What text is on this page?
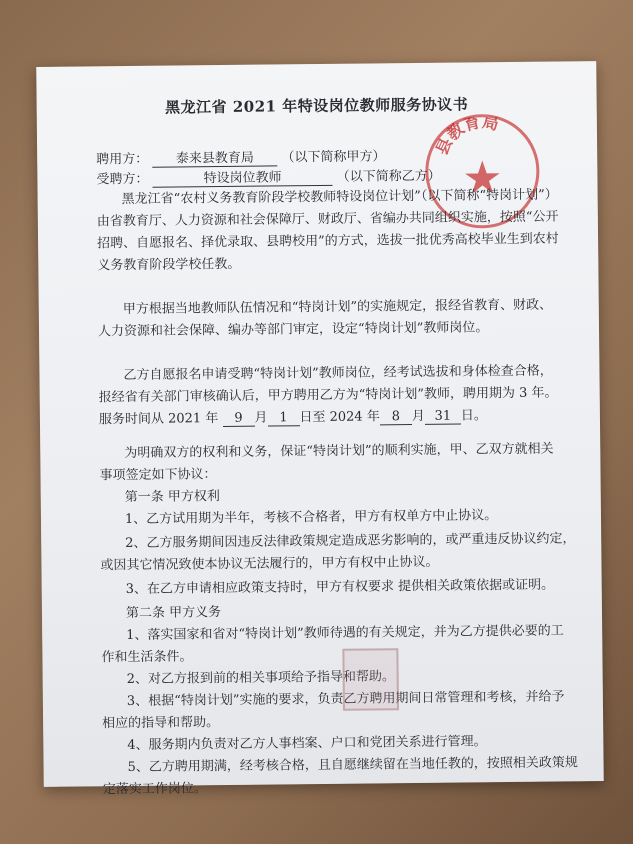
黑龙江省 2021 年特设岗位教师服务协议书
县教育局
聘用方： 泰来县教育局 （以下简称甲方）
受聘方：	特设岗位教师	（以下简称乙方）
黑龙江省“农村义务教育阶段学校教师特设岗位计划”（以下简称“特岗计划”）
由省教育厅、人力资源和社会保障厅、财政厅、省编办共同组织实施，按照“公开
招聘、自愿报名、择优录取、县聘校用”的方式，选拔一批优秀高校毕业生到农村
义务教育阶段学校任教。
甲方根据当地教师队伍情况和“特岗计划”的实施规定，报经省教育、财政、
人力资源和社会保障、编办等部门审定，设定“特岗计划”教师岗位。
乙方自愿报名申请受聘“特岗计划”教师岗位，经考试选拔和身体检查合格，
报经省有关部门审核确认后，甲方聘用乙方为“特岗计划”教师，聘用期为 3 年。
为明确双方的权利和义务，保证“特岗计划”的顺利实施，甲、乙双方就相关
事项签定如下协议：
第一条 甲方权利
1、乙方试用期为半年，考核不合格者，甲方有权单方中止协议。
2、乙方服务期间因违反法律政策规定造成恶劣影响的，或严重违反协议约定，
或因其它情况致使本协议无法履行的，甲方有权中止协议。
3、在乙方申请相应政策支持时，甲方有权要求 提供相关政策依据或证明。
第二条 甲方义务
1、落实国家和省对“特岗计划”教师待遇的有关规定，并为乙方提供必要的工
作和生活条件。
2、对乙方报到前的相关事项给予指导和帮助。
3、根据“特岗计划”实施的要求，负责乙方聘用期间日常管理和考核，并给予
相应的指导和帮助。
4、服务期内负责对乙方人事档案、户口和党团关系进行管理。
5、乙方聘用期满，经考核合格，且自愿继续留在当地任教的，按照相关政策规
定落实工作岗位。
服务时间从 2021 年 9 月 1 日至 2024 年 8 月 31 日。
